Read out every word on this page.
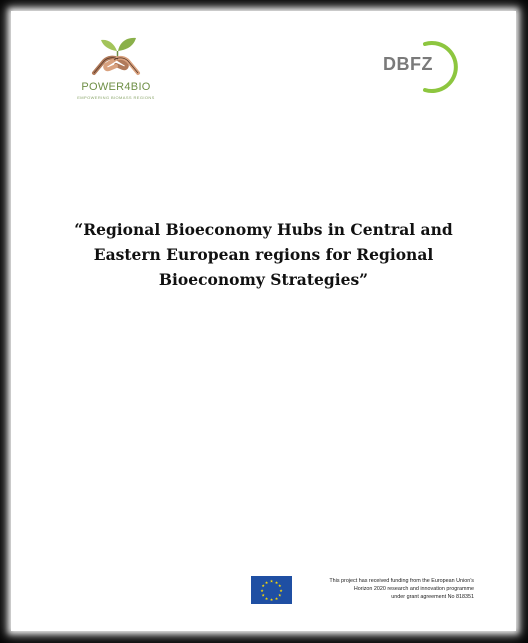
POWER4BIO
EMPOWERING BIOMASS REGIONS
DBFZ
“Regional Bioeconomy Hubs in Central and
Eastern European regions for Regional
Bioeconomy Strategies”
★ ★
★
★
★
★
★
★
★
★
★
★	This project has received funding from the European Union’s
Horizon 2020 research and innovation programme
under grant agreement No 818351
